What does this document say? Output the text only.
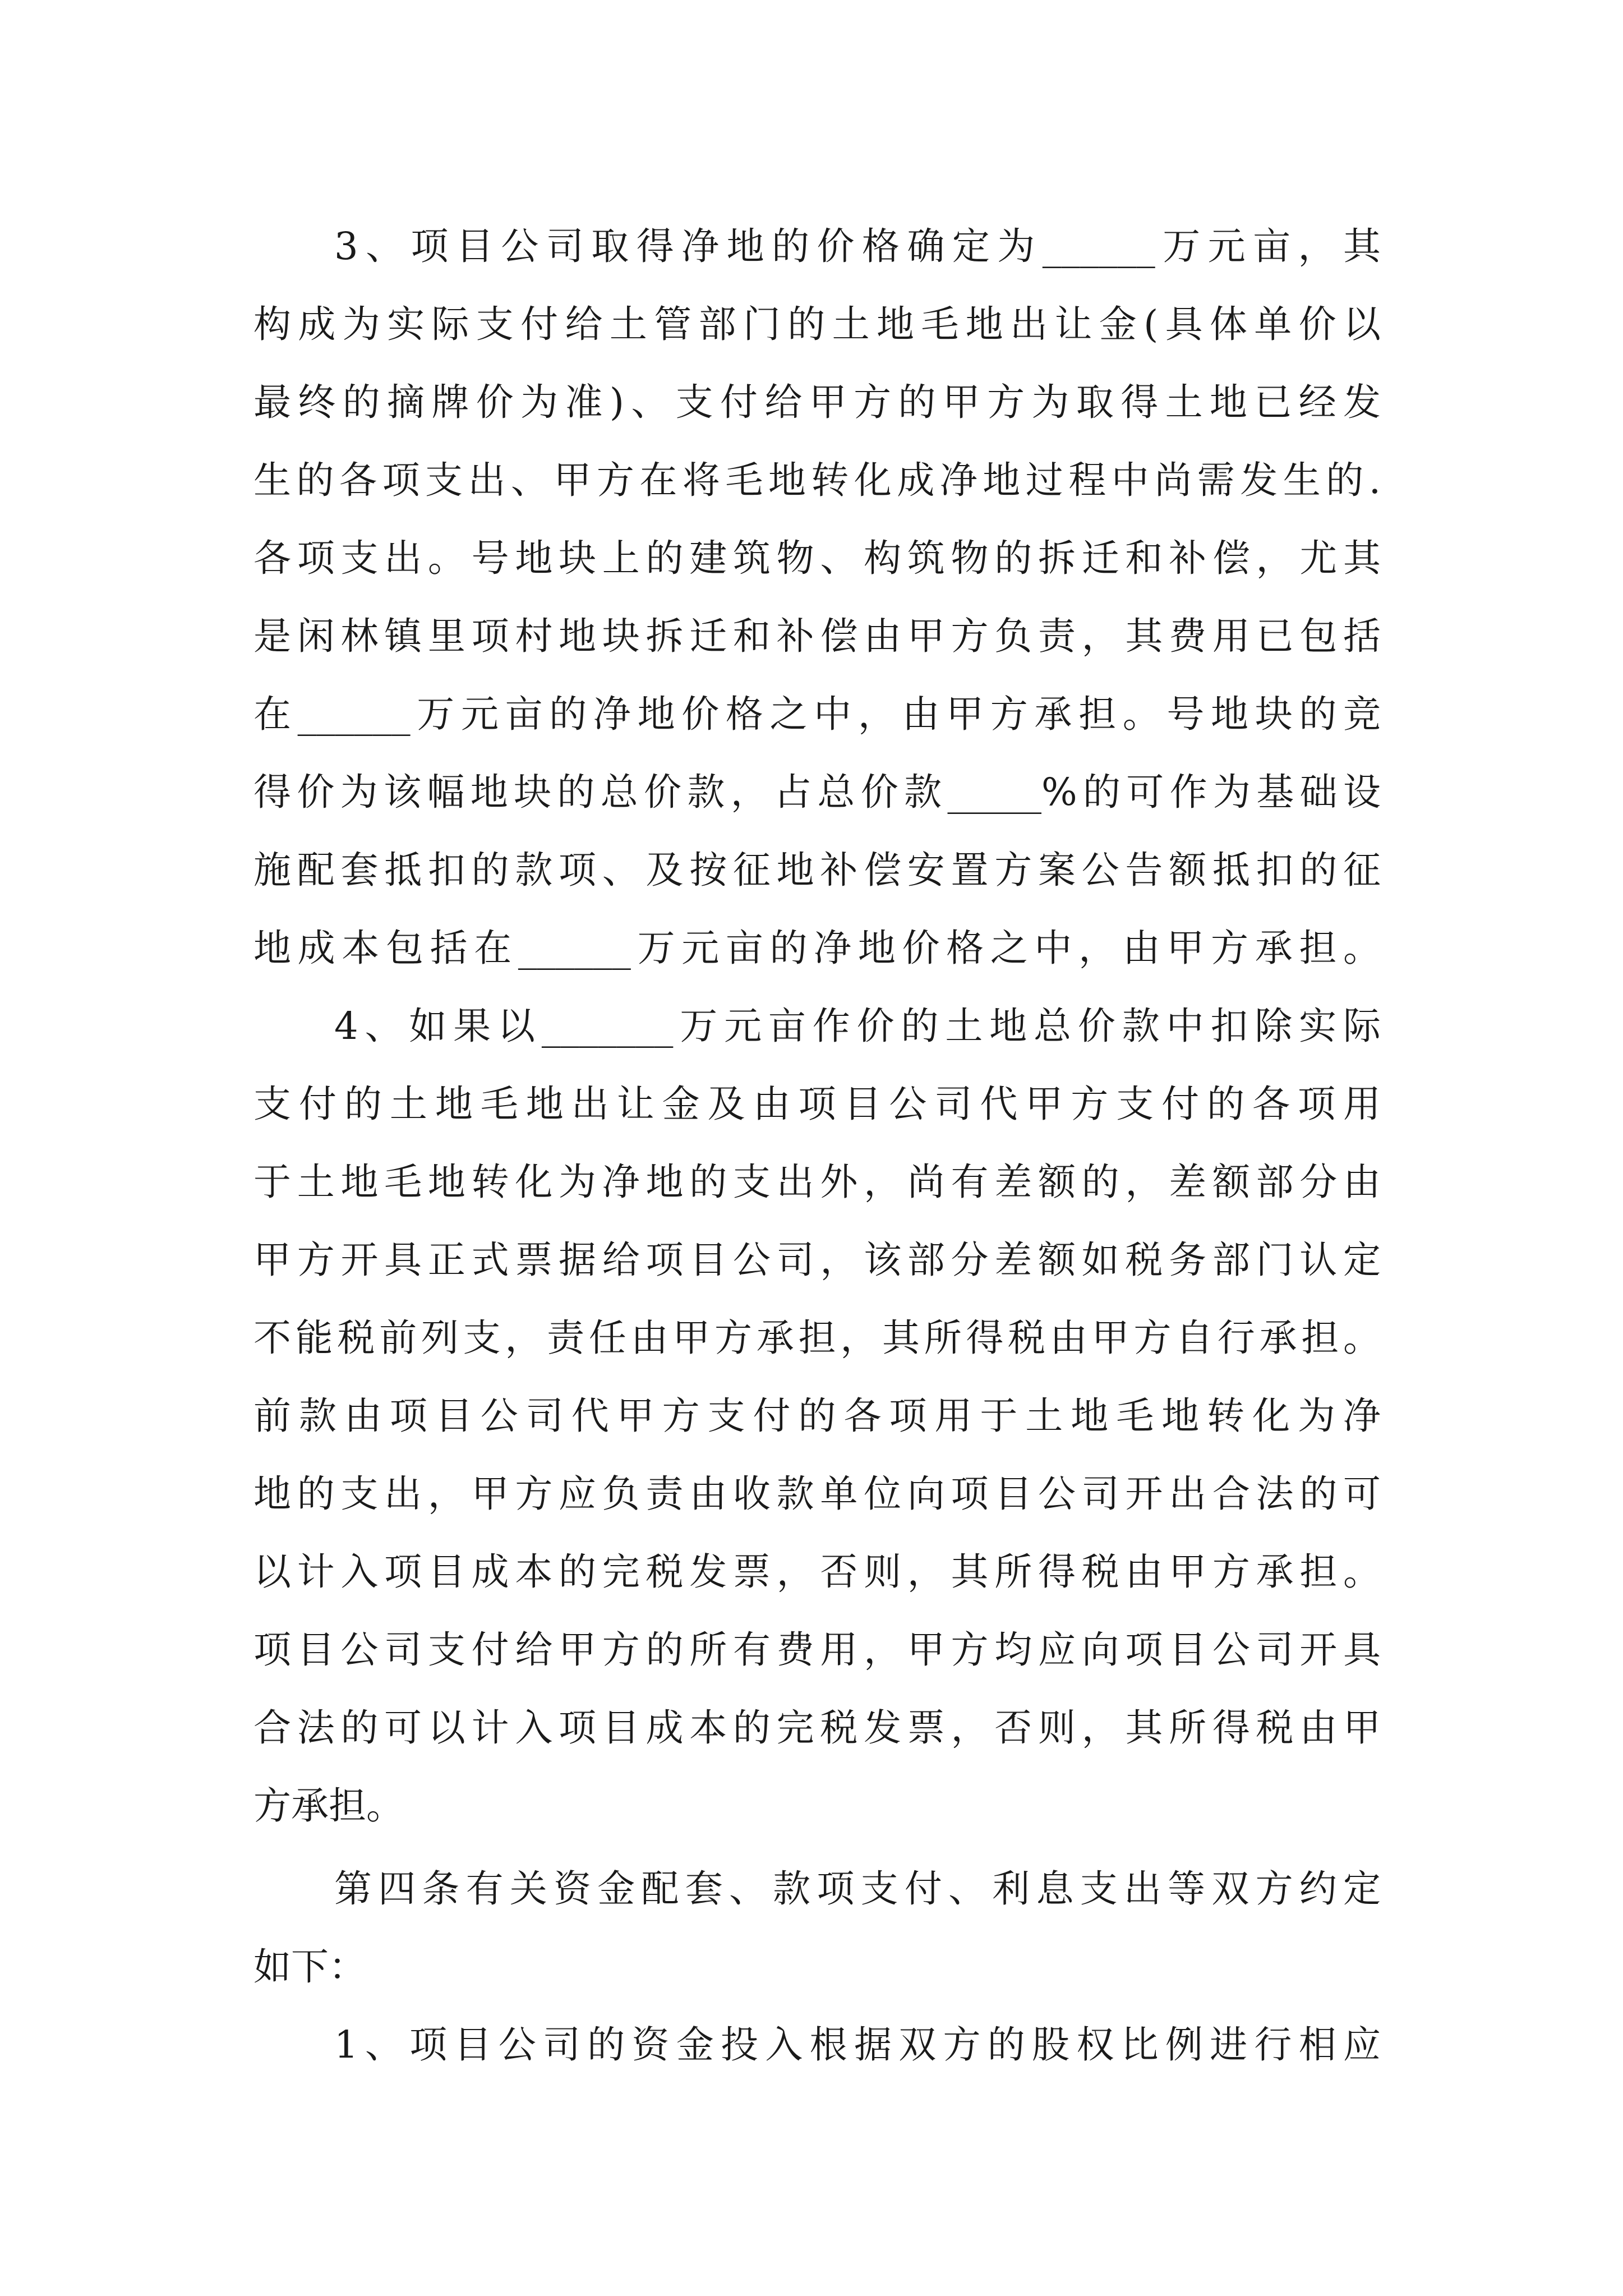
3、项目公司取得净地的价格确定为______万元亩，其
构成为实际支付给土管部门的土地毛地出让金(具体单价以
最终的摘牌价为准)、支付给甲方的甲方为取得土地已经发
生的各项支出、甲方在将毛地转化成净地过程中尚需发生的.
各项支出。号地块上的建筑物、构筑物的拆迁和补偿，尤其
是闲林镇里项村地块拆迁和补偿由甲方负责，其费用已包括
在______万元亩的净地价格之中，由甲方承担。号地块的竞
得价为该幅地块的总价款，占总价款_____%的可作为基础设
施配套抵扣的款项、及按征地补偿安置方案公告额抵扣的征
地成本包括在______万元亩的净地价格之中，由甲方承担。
4、如果以_______万元亩作价的土地总价款中扣除实际
支付的土地毛地出让金及由项目公司代甲方支付的各项用
于土地毛地转化为净地的支出外，尚有差额的，差额部分由
甲方开具正式票据给项目公司，该部分差额如税务部门认定
不能税前列支，责任由甲方承担，其所得税由甲方自行承担。
前款由项目公司代甲方支付的各项用于土地毛地转化为净
地的支出，甲方应负责由收款单位向项目公司开出合法的可
以计入项目成本的完税发票，否则，其所得税由甲方承担。
项目公司支付给甲方的所有费用，甲方均应向项目公司开具
合法的可以计入项目成本的完税发票，否则，其所得税由甲
方承担。
第四条有关资金配套、款项支付、利息支出等双方约定
如下：
1、项目公司的资金投入根据双方的股权比例进行相应
